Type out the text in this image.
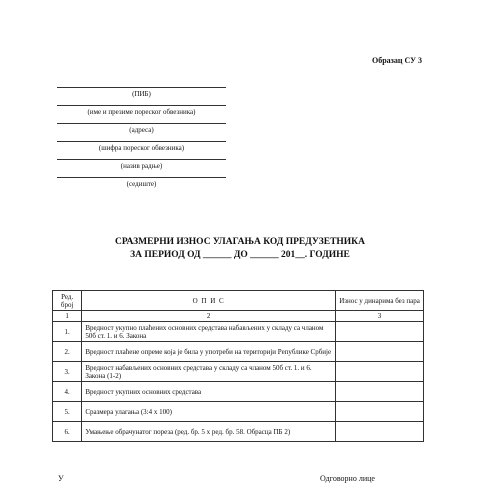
Образац СУ 3
(ПИБ)
(име и презиме пореског обвезника)
(адреса)
(шифра пореског обвезника)
(назив радње)
(седиште)
СРАЗМЕРНИ ИЗНОС УЛАГАЊА КОД ПРЕДУЗЕТНИКА
ЗА ПЕРИОД ОД ______ ДО ______ 201__. ГОДИНЕ
Ред. број	О П И С	Износ у динарима без пара
1	2	3
1.	Вредност укупно плаћених основних средстава набављених у складу са чланом 50б ст. 1. и 6. Закона	
2.	Вредност плаћене опреме која је била у употреби на територији Републике Србије	
3.	Вредност набављених основних средстава у складу са чланом 50б ст. 1. и 6. Закона (1-2)	
4.	Вредност укупних основних средстава	
5.	Сразмера улагања (3:4 x 100)	
6.	Умањење обрачунатог пореза (ред. бр. 5 x ред. бр. 58. Обрасца ПБ 2)	
У	Одговорно лице
